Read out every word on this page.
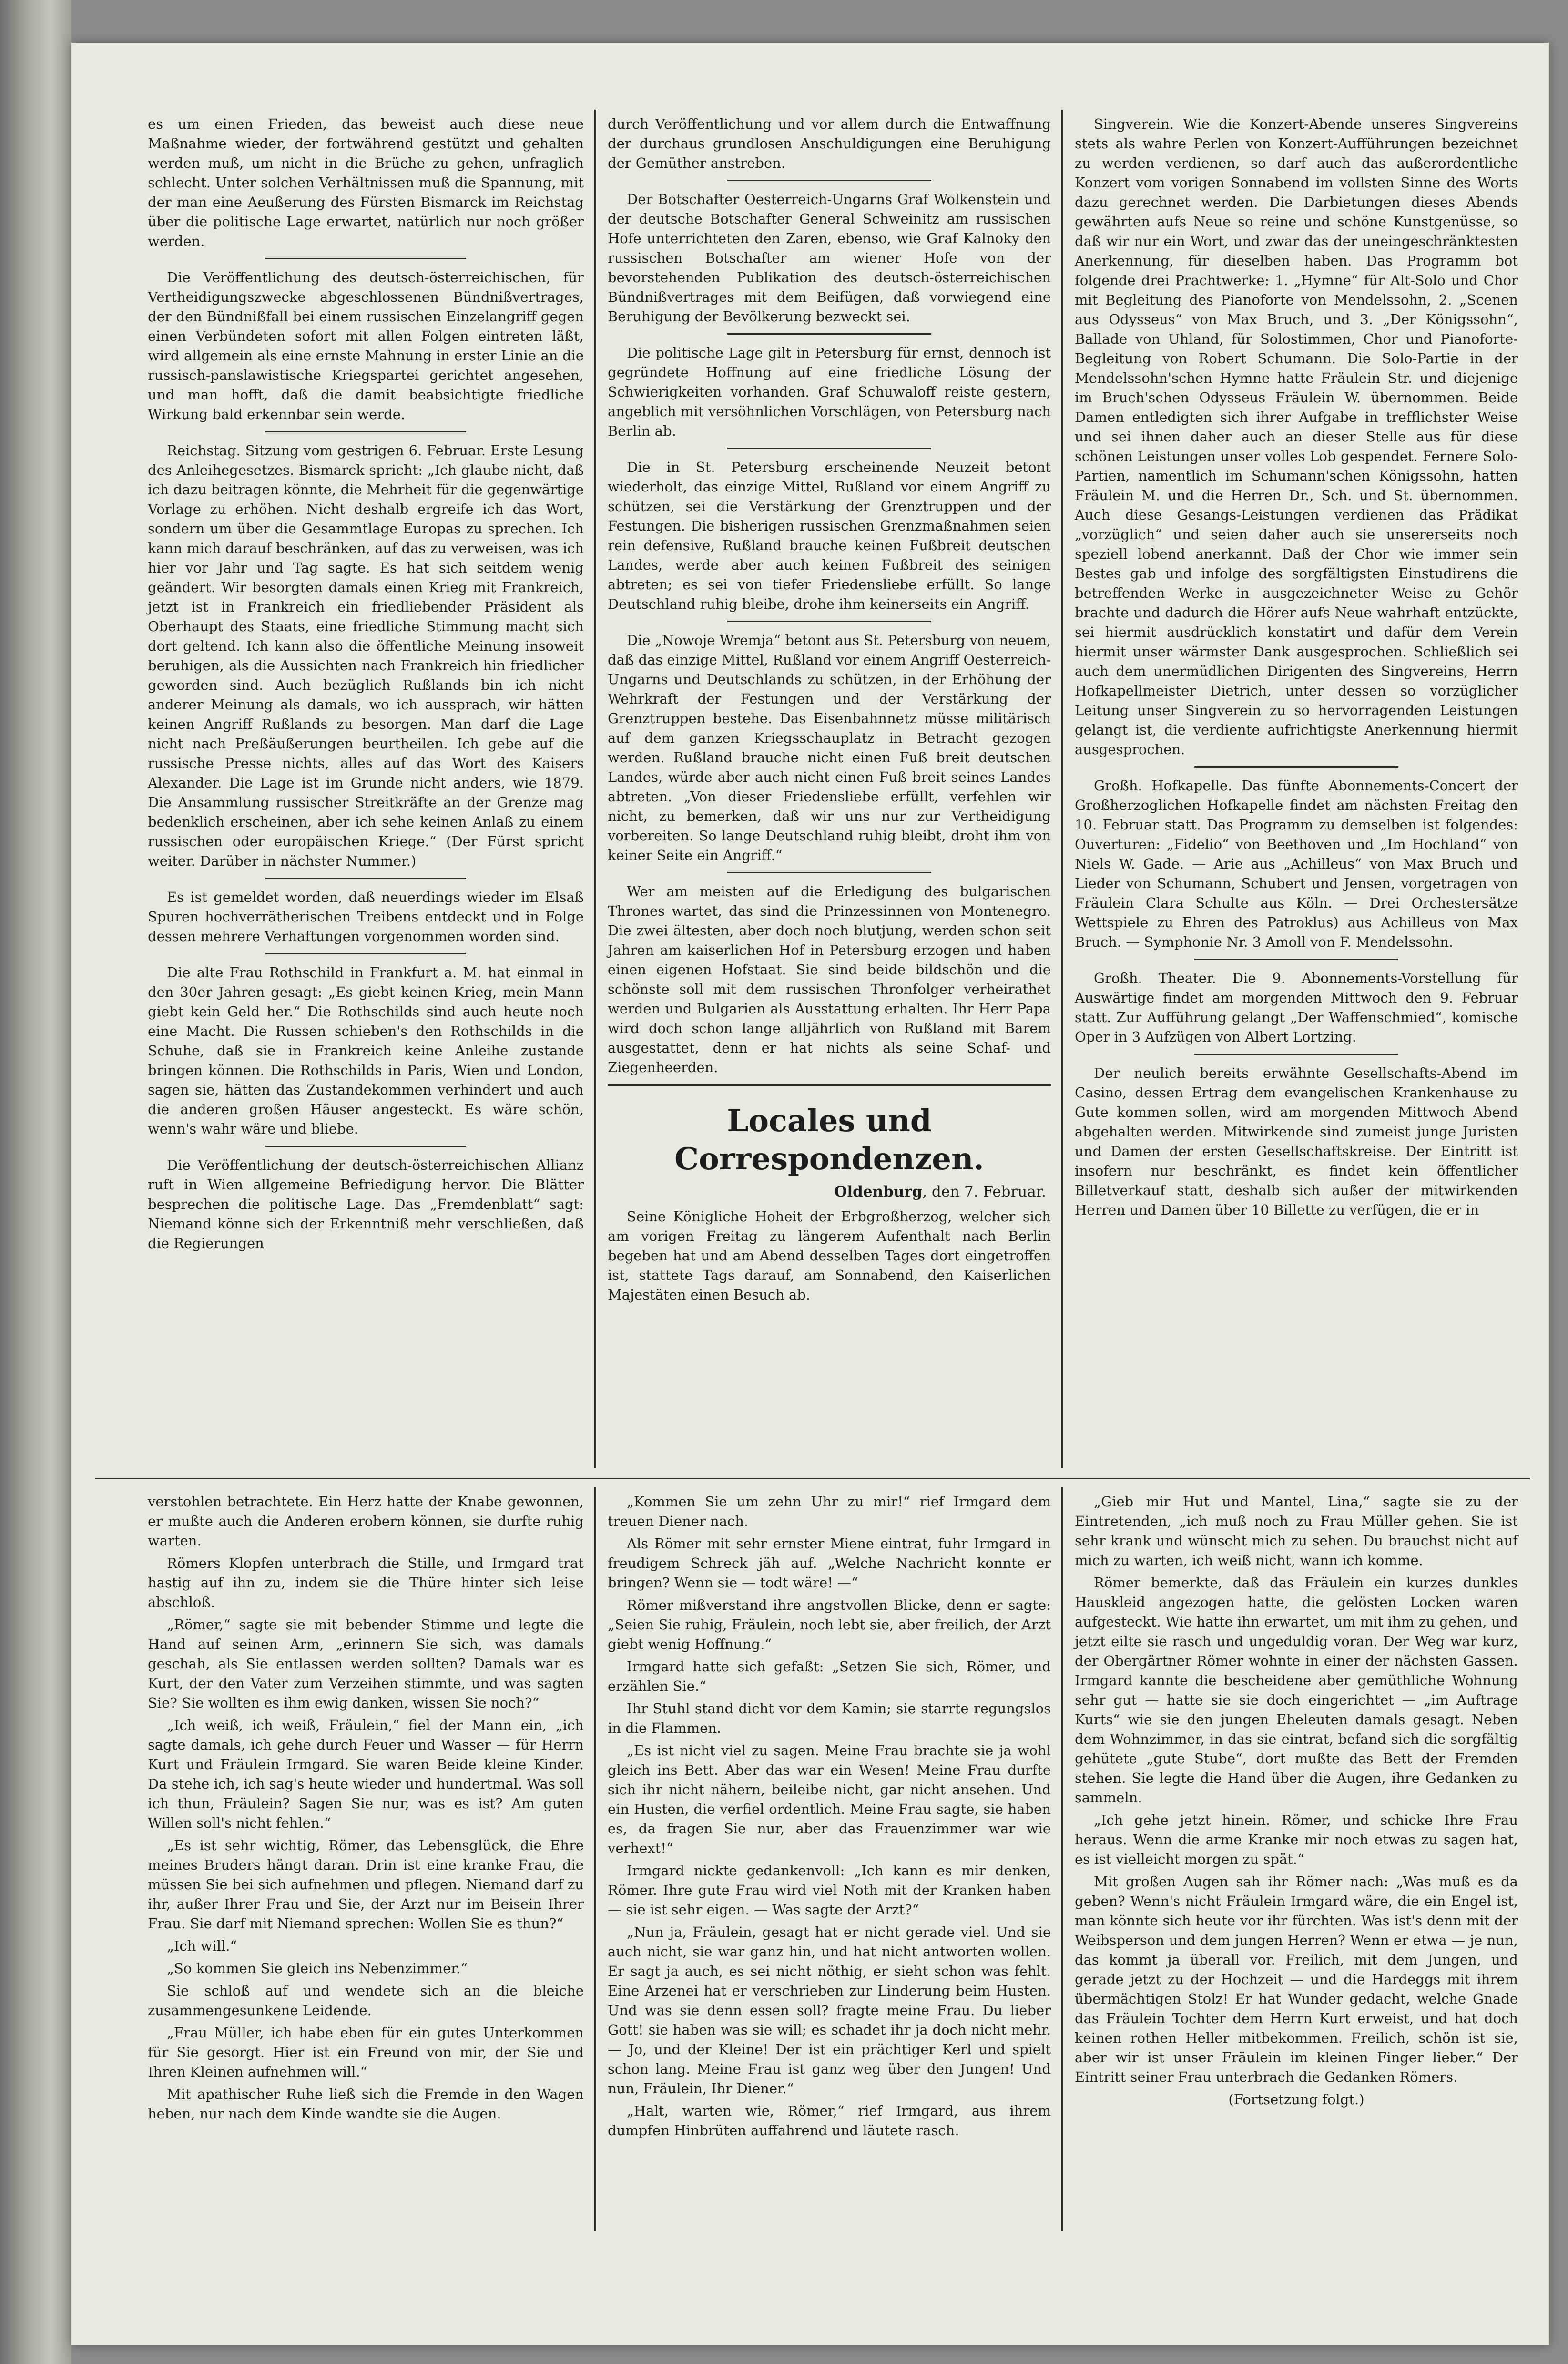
es um einen Frieden, das beweist auch diese neue Maßnahme wieder, der fortwährend gestützt und gehalten werden muß, um nicht in die Brüche zu gehen, unfraglich schlecht. Unter solchen Verhältnissen muß die Spannung, mit der man eine Aeußerung des Fürsten Bismarck im Reichstag über die politische Lage erwartet, natürlich nur noch größer werden.

Die Veröffentlichung des deutsch-österreichischen, für Vertheidigungszwecke abgeschlossenen Bündnißvertrages, der den Bündnißfall bei einem russischen Einzelangriff gegen einen Verbündeten sofort mit allen Folgen eintreten läßt, wird allgemein als eine ernste Mahnung in erster Linie an die russisch-panslawistische Kriegspartei gerichtet angesehen, und man hofft, daß die damit beabsichtigte friedliche Wirkung bald erkennbar sein werde.

Reichstag. Sitzung vom gestrigen 6. Februar. Erste Lesung des Anleihegesetzes. Bismarck spricht: „Ich glaube nicht, daß ich dazu beitragen könnte, die Mehrheit für die gegenwärtige Vorlage zu erhöhen. Nicht deshalb ergreife ich das Wort, sondern um über die Gesammtlage Europas zu sprechen. Ich kann mich darauf beschränken, auf das zu verweisen, was ich hier vor Jahr und Tag sagte. Es hat sich seitdem wenig geändert. Wir besorgten damals einen Krieg mit Frankreich, jetzt ist in Frankreich ein friedliebender Präsident als Oberhaupt des Staats, eine friedliche Stimmung macht sich dort geltend. Ich kann also die öffentliche Meinung insoweit beruhigen, als die Aussichten nach Frankreich hin friedlicher geworden sind. Auch bezüglich Rußlands bin ich nicht anderer Meinung als damals, wo ich aussprach, wir hätten keinen Angriff Rußlands zu besorgen. Man darf die Lage nicht nach Preßäußerungen beurtheilen. Ich gebe auf die russische Presse nichts, alles auf das Wort des Kaisers Alexander. Die Lage ist im Grunde nicht anders, wie 1879. Die Ansammlung russischer Streitkräfte an der Grenze mag bedenklich erscheinen, aber ich sehe keinen Anlaß zu einem russischen oder europäischen Kriege.“ (Der Fürst spricht weiter. Darüber in nächster Nummer.)

Es ist gemeldet worden, daß neuerdings wieder im Elsaß Spuren hochverrätherischen Treibens entdeckt und in Folge dessen mehrere Verhaftungen vorgenommen worden sind.

Die alte Frau Rothschild in Frankfurt a. M. hat einmal in den 30er Jahren gesagt: „Es giebt keinen Krieg, mein Mann giebt kein Geld her.“ Die Rothschilds sind auch heute noch eine Macht. Die Russen schieben's den Rothschilds in die Schuhe, daß sie in Frankreich keine Anleihe zustande bringen können. Die Rothschilds in Paris, Wien und London, sagen sie, hätten das Zustandekommen verhindert und auch die anderen großen Häuser angesteckt. Es wäre schön, wenn's wahr wäre und bliebe.

Die Veröffentlichung der deutsch-österreichischen Allianz ruft in Wien allgemeine Befriedigung hervor. Die Blätter besprechen die politische Lage. Das „Fremdenblatt“ sagt: Niemand könne sich der Erkenntniß mehr verschließen, daß die Regierungen

durch Veröffentlichung und vor allem durch die Entwaffnung der durchaus grundlosen Anschuldigungen eine Beruhigung der Gemüther anstreben.

Der Botschafter Oesterreich-Ungarns Graf Wolkenstein und der deutsche Botschafter General Schweinitz am russischen Hofe unterrichteten den Zaren, ebenso, wie Graf Kalnoky den russischen Botschafter am wiener Hofe von der bevorstehenden Publikation des deutsch-österreichischen Bündnißvertrages mit dem Beifügen, daß vorwiegend eine Beruhigung der Bevölkerung bezweckt sei.

Die politische Lage gilt in Petersburg für ernst, dennoch ist gegründete Hoffnung auf eine friedliche Lösung der Schwierigkeiten vorhanden. Graf Schuwaloff reiste gestern, angeblich mit versöhnlichen Vorschlägen, von Petersburg nach Berlin ab.

Die in St. Petersburg erscheinende Neuzeit betont wiederholt, das einzige Mittel, Rußland vor einem Angriff zu schützen, sei die Verstärkung der Grenztruppen und der Festungen. Die bisherigen russischen Grenzmaßnahmen seien rein defensive, Rußland brauche keinen Fußbreit deutschen Landes, werde aber auch keinen Fußbreit des seinigen abtreten; es sei von tiefer Friedensliebe erfüllt. So lange Deutschland ruhig bleibe, drohe ihm keinerseits ein Angriff.

Die „Nowoje Wremja“ betont aus St. Petersburg von neuem, daß das einzige Mittel, Rußland vor einem Angriff Oesterreich-Ungarns und Deutschlands zu schützen, in der Erhöhung der Wehrkraft der Festungen und der Verstärkung der Grenztruppen bestehe. Das Eisenbahnnetz müsse militärisch auf dem ganzen Kriegsschauplatz in Betracht gezogen werden. Rußland brauche nicht einen Fuß breit deutschen Landes, würde aber auch nicht einen Fuß breit seines Landes abtreten. „Von dieser Friedensliebe erfüllt, verfehlen wir nicht, zu bemerken, daß wir uns nur zur Vertheidigung vorbereiten. So lange Deutschland ruhig bleibt, droht ihm von keiner Seite ein Angriff.“

Wer am meisten auf die Erledigung des bulgarischen Thrones wartet, das sind die Prinzessinnen von Montenegro. Die zwei ältesten, aber doch noch blutjung, werden schon seit Jahren am kaiserlichen Hof in Petersburg erzogen und haben einen eigenen Hofstaat. Sie sind beide bildschön und die schönste soll mit dem russischen Thronfolger verheirathet werden und Bulgarien als Ausstattung erhalten. Ihr Herr Papa wird doch schon lange alljährlich von Rußland mit Barem ausgestattet, denn er hat nichts als seine Schaf- und Ziegenheerden.

Locales und Correspondenzen.
Oldenburg, den 7. Februar.

Seine Königliche Hoheit der Erbgroßherzog, welcher sich am vorigen Freitag zu längerem Aufenthalt nach Berlin begeben hat und am Abend desselben Tages dort eingetroffen ist, stattete Tags darauf, am Sonnabend, den Kaiserlichen Majestäten einen Besuch ab.

Singverein. Wie die Konzert-Abende unseres Singvereins stets als wahre Perlen von Konzert-Aufführungen bezeichnet zu werden verdienen, so darf auch das außerordentliche Konzert vom vorigen Sonnabend im vollsten Sinne des Worts dazu gerechnet werden. Die Darbietungen dieses Abends gewährten aufs Neue so reine und schöne Kunstgenüsse, so daß wir nur ein Wort, und zwar das der uneingeschränktesten Anerkennung, für dieselben haben. Das Programm bot folgende drei Prachtwerke: 1. „Hymne“ für Alt-Solo und Chor mit Begleitung des Pianoforte von Mendelssohn, 2. „Scenen aus Odysseus“ von Max Bruch, und 3. „Der Königssohn“, Ballade von Uhland, für Solostimmen, Chor und Pianoforte-Begleitung von Robert Schumann. Die Solo-Partie in der Mendelssohn'schen Hymne hatte Fräulein Str. und diejenige im Bruch'schen Odysseus Fräulein W. übernommen. Beide Damen entledigten sich ihrer Aufgabe in trefflichster Weise und sei ihnen daher auch an dieser Stelle aus für diese schönen Leistungen unser volles Lob gespendet. Fernere Solo-Partien, namentlich im Schumann'schen Königssohn, hatten Fräulein M. und die Herren Dr., Sch. und St. übernommen. Auch diese Gesangs-Leistungen verdienen das Prädikat „vorzüglich“ und seien daher auch sie unsererseits noch speziell lobend anerkannt. Daß der Chor wie immer sein Bestes gab und infolge des sorgfältigsten Einstudirens die betreffenden Werke in ausgezeichneter Weise zu Gehör brachte und dadurch die Hörer aufs Neue wahrhaft entzückte, sei hiermit ausdrücklich konstatirt und dafür dem Verein hiermit unser wärmster Dank ausgesprochen. Schließlich sei auch dem unermüdlichen Dirigenten des Singvereins, Herrn Hofkapellmeister Dietrich, unter dessen so vorzüglicher Leitung unser Singverein zu so hervorragenden Leistungen gelangt ist, die verdiente aufrichtigste Anerkennung hiermit ausgesprochen.

Großh. Hofkapelle. Das fünfte Abonnements-Concert der Großherzoglichen Hofkapelle findet am nächsten Freitag den 10. Februar statt. Das Programm zu demselben ist folgendes: Ouverturen: „Fidelio“ von Beethoven und „Im Hochland“ von Niels W. Gade. — Arie aus „Achilleus“ von Max Bruch und Lieder von Schumann, Schubert und Jensen, vorgetragen von Fräulein Clara Schulte aus Köln. — Drei Orchestersätze Wettspiele zu Ehren des Patroklus) aus Achilleus von Max Bruch. — Symphonie Nr. 3 Amoll von F. Mendelssohn.

Großh. Theater. Die 9. Abonnements-Vorstellung für Auswärtige findet am morgenden Mittwoch den 9. Februar statt. Zur Aufführung gelangt „Der Waffenschmied“, komische Oper in 3 Aufzügen von Albert Lortzing.

Der neulich bereits erwähnte Gesellschafts-Abend im Casino, dessen Ertrag dem evangelischen Krankenhause zu Gute kommen sollen, wird am morgenden Mittwoch Abend abgehalten werden. Mitwirkende sind zumeist junge Juristen und Damen der ersten Gesellschaftskreise. Der Eintritt ist insofern nur beschränkt, es findet kein öffentlicher Billetverkauf statt, deshalb sich außer der mitwirkenden Herren und Damen über 10 Billette zu verfügen, die er in

verstohlen betrachtete. Ein Herz hatte der Knabe gewonnen, er mußte auch die Anderen erobern können, sie durfte ruhig warten.

Römers Klopfen unterbrach die Stille, und Irmgard trat hastig auf ihn zu, indem sie die Thüre hinter sich leise abschloß.

„Römer,“ sagte sie mit bebender Stimme und legte die Hand auf seinen Arm, „erinnern Sie sich, was damals geschah, als Sie entlassen werden sollten? Damals war es Kurt, der den Vater zum Verzeihen stimmte, und was sagten Sie? Sie wollten es ihm ewig danken, wissen Sie noch?“

„Ich weiß, ich weiß, Fräulein,“ fiel der Mann ein, „ich sagte damals, ich gehe durch Feuer und Wasser — für Herrn Kurt und Fräulein Irmgard. Sie waren Beide kleine Kinder. Da stehe ich, ich sag's heute wieder und hundertmal. Was soll ich thun, Fräulein? Sagen Sie nur, was es ist? Am guten Willen soll's nicht fehlen.“

„Es ist sehr wichtig, Römer, das Lebensglück, die Ehre meines Bruders hängt daran. Drin ist eine kranke Frau, die müssen Sie bei sich aufnehmen und pflegen. Niemand darf zu ihr, außer Ihrer Frau und Sie, der Arzt nur im Beisein Ihrer Frau. Sie darf mit Niemand sprechen: Wollen Sie es thun?“

„Ich will.“

„So kommen Sie gleich ins Nebenzimmer.“

Sie schloß auf und wendete sich an die bleiche zusammengesunkene Leidende.

„Frau Müller, ich habe eben für ein gutes Unterkommen für Sie gesorgt. Hier ist ein Freund von mir, der Sie und Ihren Kleinen aufnehmen will.“

Mit apathischer Ruhe ließ sich die Fremde in den Wagen heben, nur nach dem Kinde wandte sie die Augen.

„Kommen Sie um zehn Uhr zu mir!“ rief Irmgard dem treuen Diener nach.

Als Römer mit sehr ernster Miene eintrat, fuhr Irmgard in freudigem Schreck jäh auf. „Welche Nachricht konnte er bringen? Wenn sie — todt wäre! —“

Römer mißverstand ihre angstvollen Blicke, denn er sagte: „Seien Sie ruhig, Fräulein, noch lebt sie, aber freilich, der Arzt giebt wenig Hoffnung.“

Irmgard hatte sich gefaßt: „Setzen Sie sich, Römer, und erzählen Sie.“

Ihr Stuhl stand dicht vor dem Kamin; sie starrte regungslos in die Flammen.

„Es ist nicht viel zu sagen. Meine Frau brachte sie ja wohl gleich ins Bett. Aber das war ein Wesen! Meine Frau durfte sich ihr nicht nähern, beileibe nicht, gar nicht ansehen. Und ein Husten, die verfiel ordentlich. Meine Frau sagte, sie haben es, da fragen Sie nur, aber das Frauenzimmer war wie verhext!“

Irmgard nickte gedankenvoll: „Ich kann es mir denken, Römer. Ihre gute Frau wird viel Noth mit der Kranken haben — sie ist sehr eigen. — Was sagte der Arzt?“

„Nun ja, Fräulein, gesagt hat er nicht gerade viel. Und sie auch nicht, sie war ganz hin, und hat nicht antworten wollen. Er sagt ja auch, es sei nicht nöthig, er sieht schon was fehlt. Eine Arzenei hat er verschrieben zur Linderung beim Husten. Und was sie denn essen soll? fragte meine Frau. Du lieber Gott! sie haben was sie will; es schadet ihr ja doch nicht mehr. — Jo, und der Kleine! Der ist ein prächtiger Kerl und spielt schon lang. Meine Frau ist ganz weg über den Jungen! Und nun, Fräulein, Ihr Diener.“

„Halt, warten wie, Römer,“ rief Irmgard, aus ihrem dumpfen Hinbrüten auffahrend und läutete rasch.

„Gieb mir Hut und Mantel, Lina,“ sagte sie zu der Eintretenden, „ich muß noch zu Frau Müller gehen. Sie ist sehr krank und wünscht mich zu sehen. Du brauchst nicht auf mich zu warten, ich weiß nicht, wann ich komme.

Römer bemerkte, daß das Fräulein ein kurzes dunkles Hauskleid angezogen hatte, die gelösten Locken waren aufgesteckt. Wie hatte ihn erwartet, um mit ihm zu gehen, und jetzt eilte sie rasch und ungeduldig voran. Der Weg war kurz, der Obergärtner Römer wohnte in einer der nächsten Gassen. Irmgard kannte die bescheidene aber gemüthliche Wohnung sehr gut — hatte sie sie doch eingerichtet — „im Auftrage Kurts“ wie sie den jungen Eheleuten damals gesagt. Neben dem Wohnzimmer, in das sie eintrat, befand sich die sorgfältig gehütete „gute Stube“, dort mußte das Bett der Fremden stehen. Sie legte die Hand über die Augen, ihre Gedanken zu sammeln.

„Ich gehe jetzt hinein. Römer, und schicke Ihre Frau heraus. Wenn die arme Kranke mir noch etwas zu sagen hat, es ist vielleicht morgen zu spät.“

Mit großen Augen sah ihr Römer nach: „Was muß es da geben? Wenn's nicht Fräulein Irmgard wäre, die ein Engel ist, man könnte sich heute vor ihr fürchten. Was ist's denn mit der Weibsperson und dem jungen Herren? Wenn er etwa — je nun, das kommt ja überall vor. Freilich, mit dem Jungen, und gerade jetzt zu der Hochzeit — und die Hardeggs mit ihrem übermächtigen Stolz! Er hat Wunder gedacht, welche Gnade das Fräulein Tochter dem Herrn Kurt erweist, und hat doch keinen rothen Heller mitbekommen. Freilich, schön ist sie, aber wir ist unser Fräulein im kleinen Finger lieber.“ Der Eintritt seiner Frau unterbrach die Gedanken Römers.

(Fortsetzung folgt.)
